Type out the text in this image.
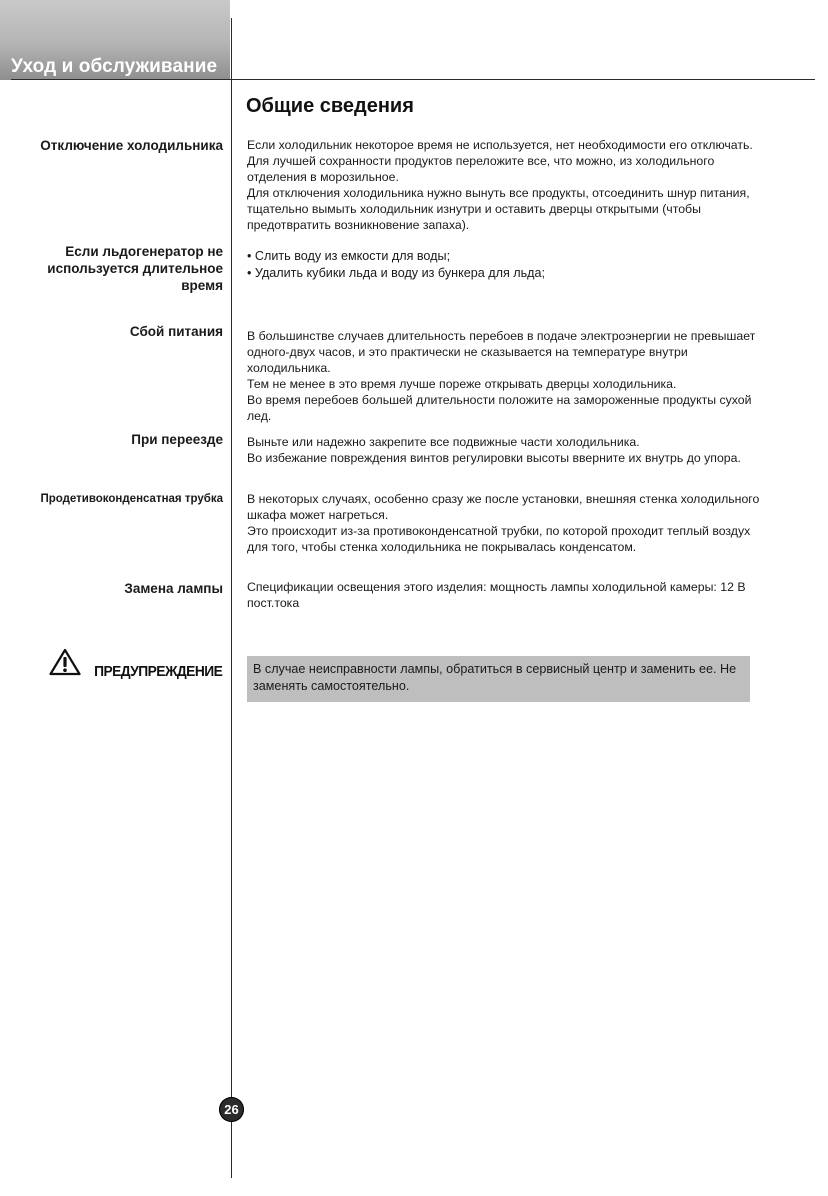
Уход и обслуживание
Общие сведения
Отключение холодильника Если холодильник некоторое время не используется, нет необходимости его отключать. Для лучшей сохранности продуктов переложите все, что можно, из холодильного отделения в морозильное.

Для отключения холодильника нужно вынуть все продукты, отсоединить шнур питания, тщательно вымыть холодильник изнутри и оставить дверцы открытыми (чтобы предотвратить возникновение запаха).

Если льдогенератор не используется длительное время
• Слить воду из емкости для воды;
• Удалить кубики льда и воду из бункера для льда;
Сбой питания В большинстве случаев длительность перебоев в подаче электроэнергии не превышает одного-двух часов, и это практически не сказывается на температуре внутри холодильника.

Тем не менее в это время лучше пореже открывать дверцы холодильника.

Во время перебоев большей длительности положите на замороженные продукты сухой лед.

При переезде Выньте или надежно закрепите все подвижные части холодильника.

Во избежание повреждения винтов регулировки высоты вверните их внутрь до упора.

Продетивоконденсатная трубка В некоторых случаях, особенно сразу же после установки, внешняя стенка холодильного шкафа может нагреться.

Это происходит из-за противоконденсатной трубки, по которой проходит теплый воздух для того, чтобы стенка холодильника не покрывалась конденсатом.

Замена лампы Спецификации освещения этого изделия: мощность лампы холодильной камеры: 12 В пост.тока

ПРЕДУПРЕЖДЕНИЕ	В случае неисправности лампы, обратиться в сервисный центр и заменить ее. Не заменять самостоятельно.
26
